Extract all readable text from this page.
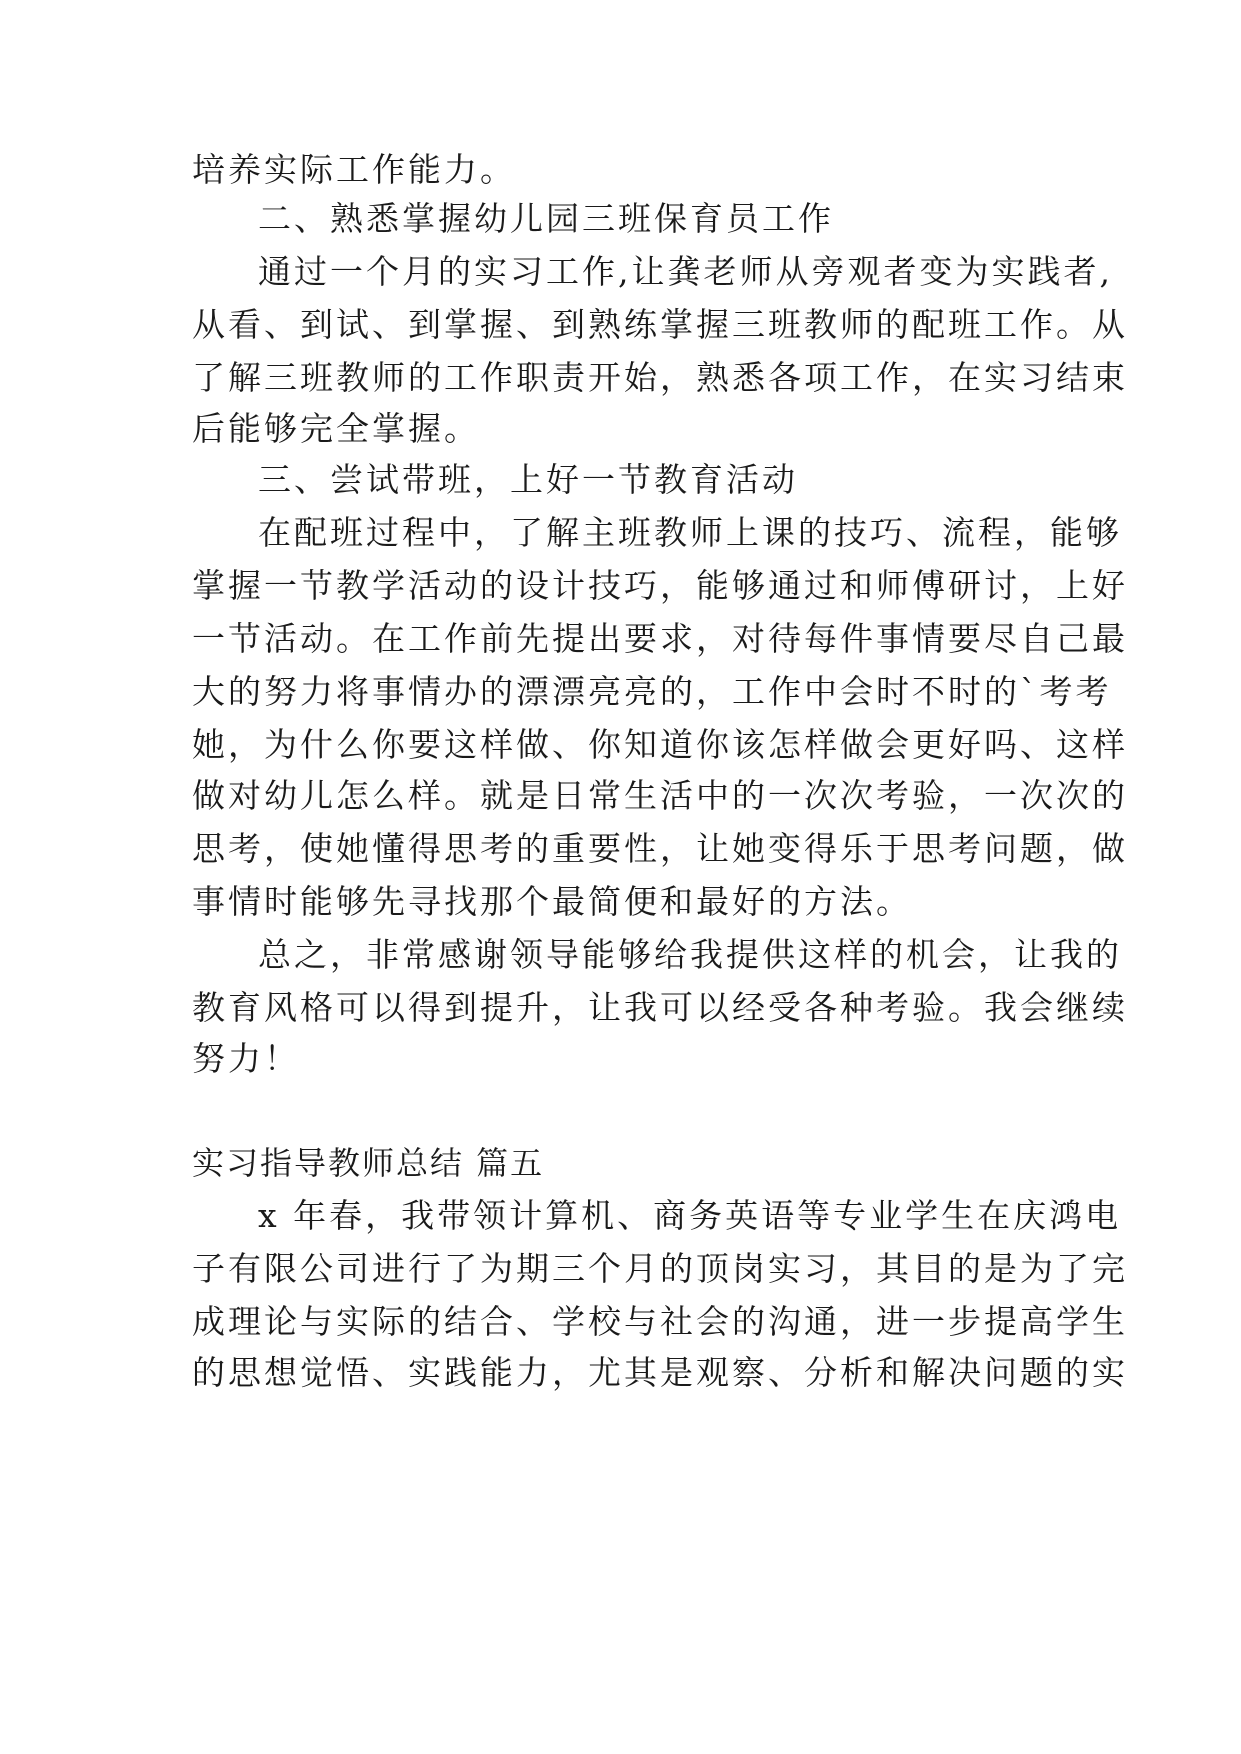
培养实际工作能力。
二、熟悉掌握幼儿园三班保育员工作
通过一个月的实习工作,让龚老师从旁观者变为实践者,
从看、到试、到掌握、到熟练掌握三班教师的配班工作。从
了解三班教师的工作职责开始，熟悉各项工作，在实习结束
后能够完全掌握。
三、尝试带班，上好一节教育活动
在配班过程中，了解主班教师上课的技巧、流程，能够
掌握一节教学活动的设计技巧，能够通过和师傅研讨，上好
一节活动。在工作前先提出要求，对待每件事情要尽自己最
大的努力将事情办的漂漂亮亮的，工作中会时不时的`考考
她，为什么你要这样做、你知道你该怎样做会更好吗、这样
做对幼儿怎么样。就是日常生活中的一次次考验，一次次的
思考，使她懂得思考的重要性，让她变得乐于思考问题，做
事情时能够先寻找那个最简便和最好的方法。
总之，非常感谢领导能够给我提供这样的机会，让我的
教育风格可以得到提升，让我可以经受各种考验。我会继续
努力！
实习指导教师总结 篇五
x 年春，我带领计算机、商务英语等专业学生在庆鸿电
子有限公司进行了为期三个月的顶岗实习，其目的是为了完
成理论与实际的结合、学校与社会的沟通，进一步提高学生
的思想觉悟、实践能力，尤其是观察、分析和解决问题的实
